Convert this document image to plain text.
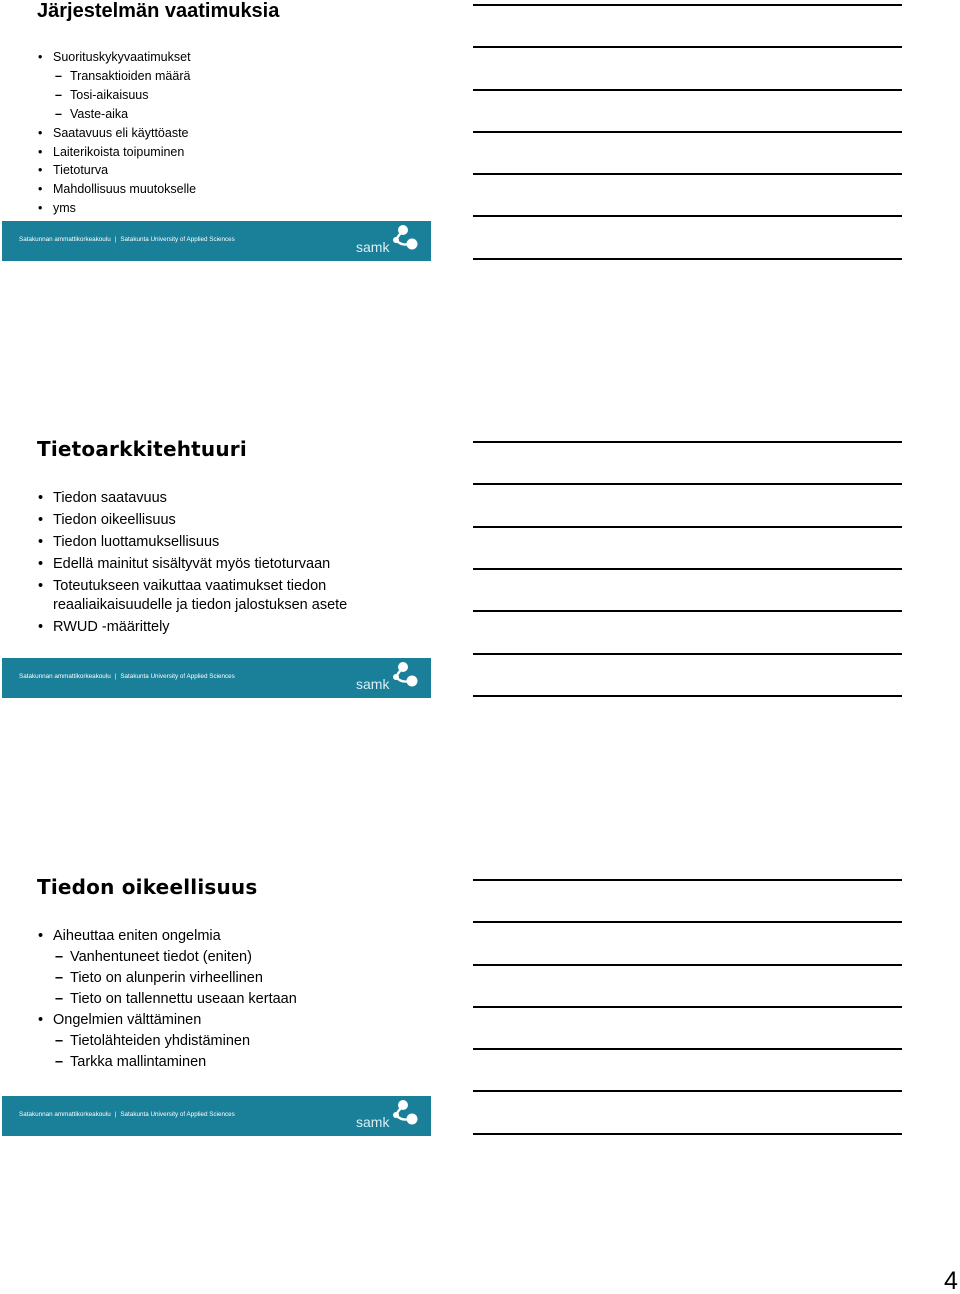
Järjestelmän vaatimuksia
• Suorituskykyvaatimukset
– Transaktioiden määrä
– Tosi-aikaisuus
– Vaste-aika
• Saatavuus eli käyttöaste
• Laiterikoista toipuminen
• Tietoturva
• Mahdollisuus muutokselle
• yms
Satakunnan ammattikorkeakoulu | Satakunta University of Applied Sciences	samk
Tietoarkkitehtuuri
• Tiedon saatavuus
• Tiedon oikeellisuus
• Tiedon luottamuksellisuus
• Edellä mainitut sisältyvät myös tietoturvaan
• Toteutukseen vaikuttaa vaatimukset tiedon
reaaliaikaisuudelle ja tiedon jalostuksen asete
• RWUD -määrittely
Satakunnan ammattikorkeakoulu | Satakunta University of Applied Sciences	samk
Tiedon oikeellisuus
• Aiheuttaa eniten ongelmia
– Vanhentuneet tiedot (eniten)
– Tieto on alunperin virheellinen
– Tieto on tallennettu useaan kertaan
• Ongelmien välttäminen
– Tietolähteiden yhdistäminen
– Tarkka mallintaminen
Satakunnan ammattikorkeakoulu | Satakunta University of Applied Sciences	samk
4
